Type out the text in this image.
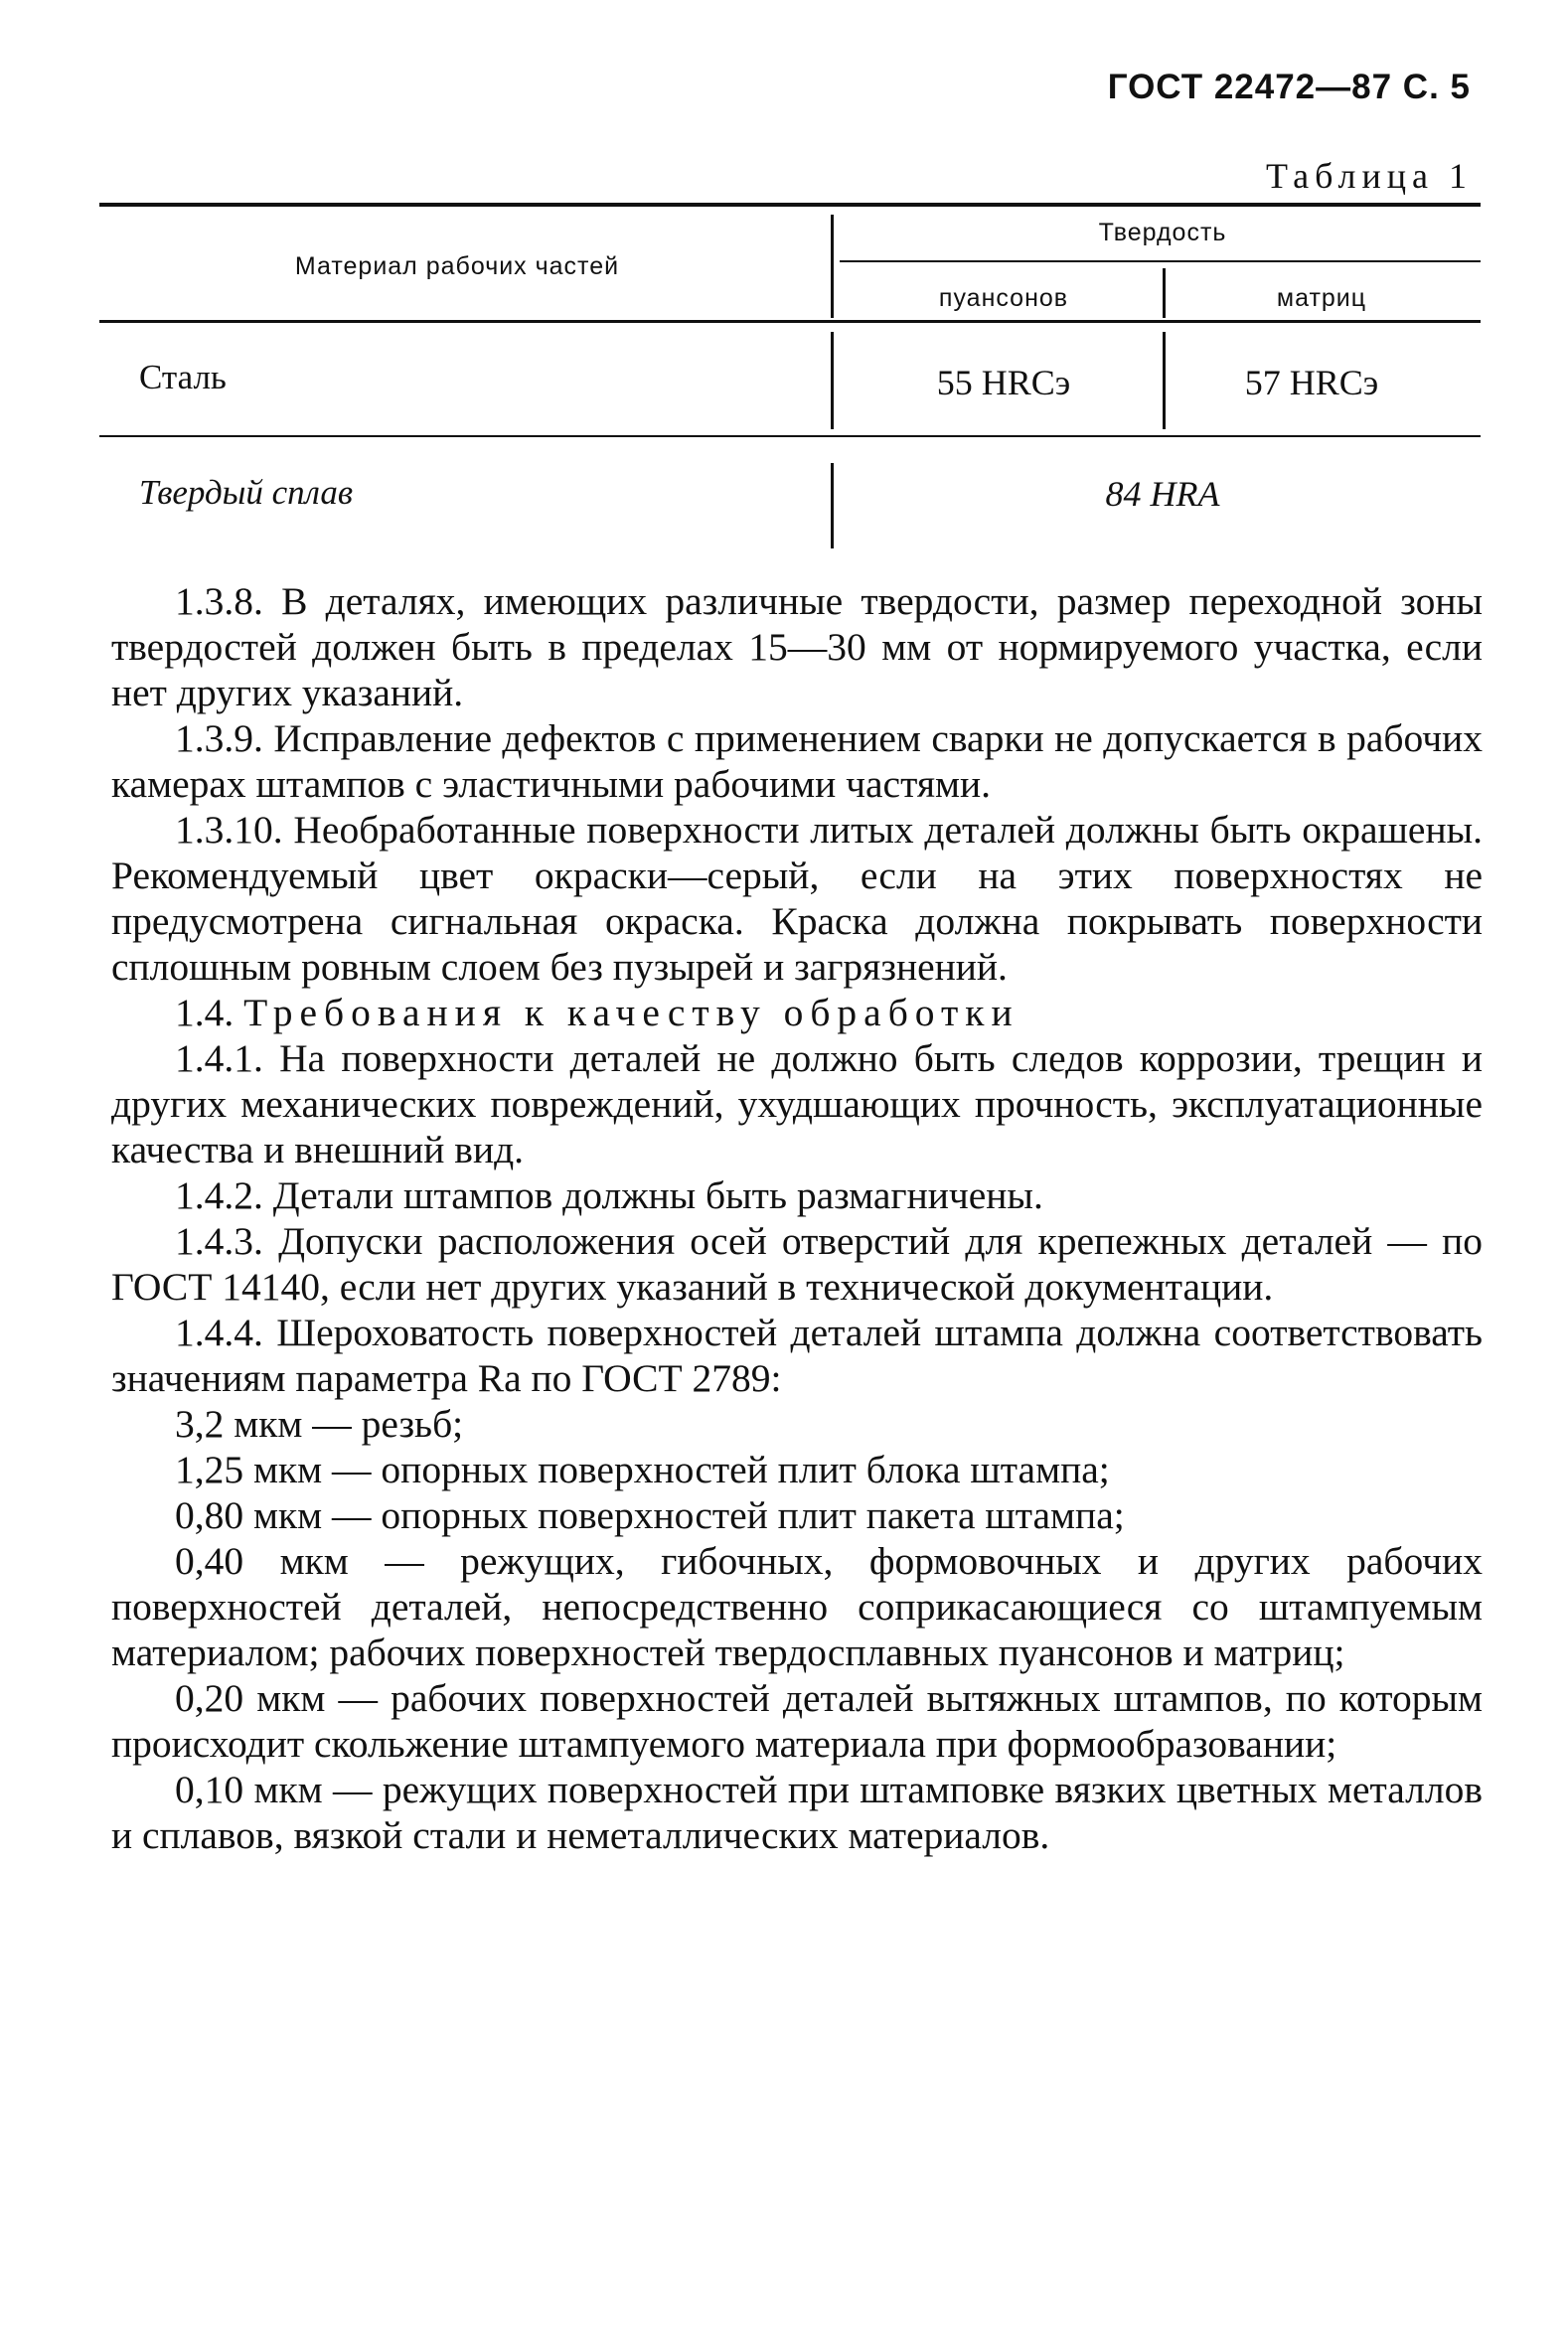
ГОСТ 22472—87 С. 5
Таблица 1
Материал рабочих частей
Твердость
пуансонов	матриц
Сталь	55 HRCэ	57 HRCэ
Твердый сплав	84 HRA

1.3.8. В деталях, имеющих различные твердости, размер переходной зоны твердостей должен быть в пределах 15—30 мм от нормируемого участка, если нет других указаний.

1.3.9. Исправление дефектов с применением сварки не допускается в рабочих камерах штампов с эластичными рабочими частями.

1.3.10. Необработанные поверхности литых деталей должны быть окрашены. Рекомендуемый цвет окраски—серый, если на этих поверхностях не предусмотрена сигнальная окраска. Краска должна покрывать поверхности сплошным ровным слоем без пузырей и загрязнений.

1.4. Требования к качеству обработки

1.4.1. На поверхности деталей не должно быть следов коррозии, трещин и других механических повреждений, ухудшающих прочность, эксплуатационные качества и внешний вид.

1.4.2. Детали штампов должны быть размагничены.

1.4.3. Допуски расположения осей отверстий для крепежных деталей — по ГОСТ 14140, если нет других указаний в технической документации.

1.4.4. Шероховатость поверхностей деталей штампа должна соответствовать значениям параметра Ra по ГОСТ 2789:

3,2 мкм — резьб;

1,25 мкм — опорных поверхностей плит блока штампа;

0,80 мкм — опорных поверхностей плит пакета штампа;

0,40 мкм — режущих, гибочных, формовочных и других рабочих поверхностей деталей, непосредственно соприкасающиеся со штампуемым материалом; рабочих поверхностей твердосплавных пуансонов и матриц;

0,20 мкм — рабочих поверхностей деталей вытяжных штампов, по которым происходит скольжение штампуемого материала при формообразовании;

0,10 мкм — режущих поверхностей при штамповке вязких цветных металлов и сплавов, вязкой стали и неметаллических материалов.
